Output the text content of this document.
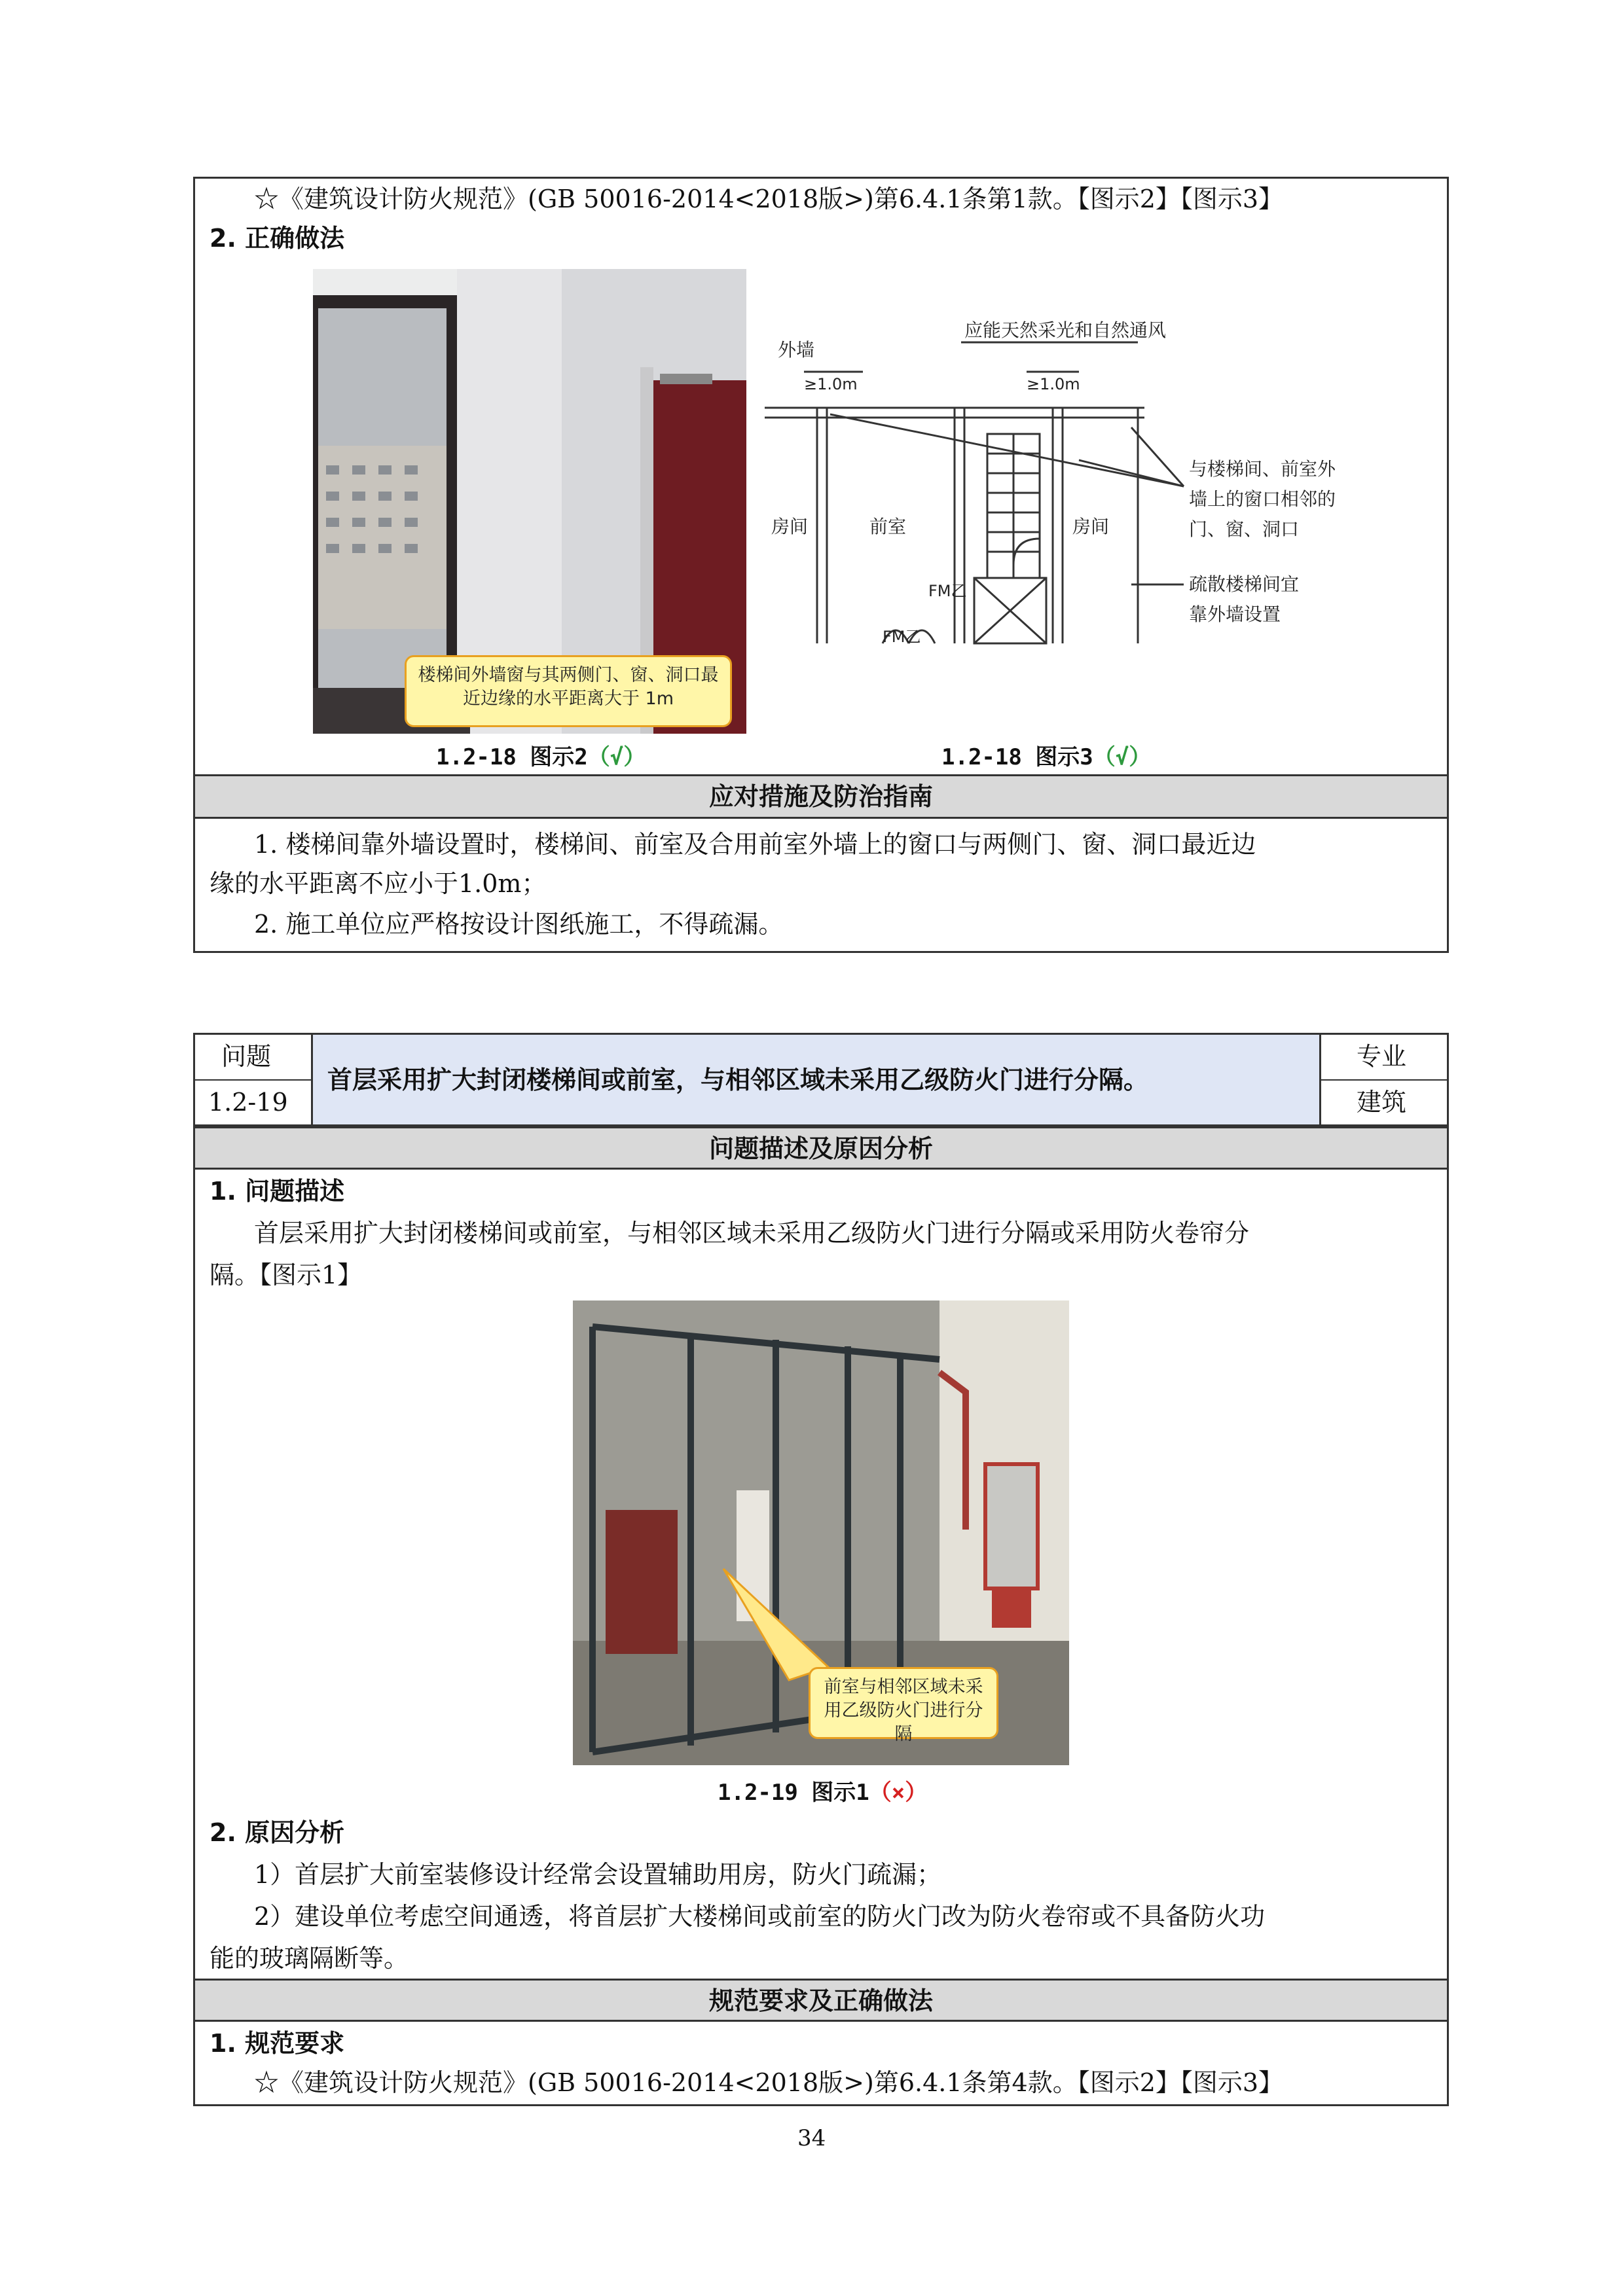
☆《建筑设计防火规范》(GB 50016-2014<2018版>)第6.4.1条第1款。【图示2】【图示3】
2. 正确做法
楼梯间外墙窗与其两侧门、窗、洞口最近边缘的水平距离大于 1m
外墙
≥1.0m	≥1.0m
应能天然采光和自然通风
房间	前室	房间
FM乙
FM乙
与楼梯间、前室外
墙上的窗口相邻的
门、窗、洞口
疏散楼梯间宜
靠外墙设置
1.2-18 图示2（√）	1.2-18 图示3（√）
应对措施及防治指南
1. 楼梯间靠外墙设置时，楼梯间、前室及合用前室外墙上的窗口与两侧门、窗、洞口最近边
缘的水平距离不应小于1.0m；
2. 施工单位应严格按设计图纸施工，不得疏漏。
问题
1.2-19
首层采用扩大封闭楼梯间或前室，与相邻区域未采用乙级防火门进行分隔。
专业
建筑
问题描述及原因分析
1. 问题描述
首层采用扩大封闭楼梯间或前室，与相邻区域未采用乙级防火门进行分隔或采用防火卷帘分
隔。【图示1】
前室与相邻区域未采用乙级防火门进行分隔
1.2-19 图示1（×）
2. 原因分析
1）首层扩大前室装修设计经常会设置辅助用房，防火门疏漏；
2）建设单位考虑空间通透，将首层扩大楼梯间或前室的防火门改为防火卷帘或不具备防火功
能的玻璃隔断等。
规范要求及正确做法
1. 规范要求
☆《建筑设计防火规范》(GB 50016-2014<2018版>)第6.4.1条第4款。【图示2】【图示3】
34
